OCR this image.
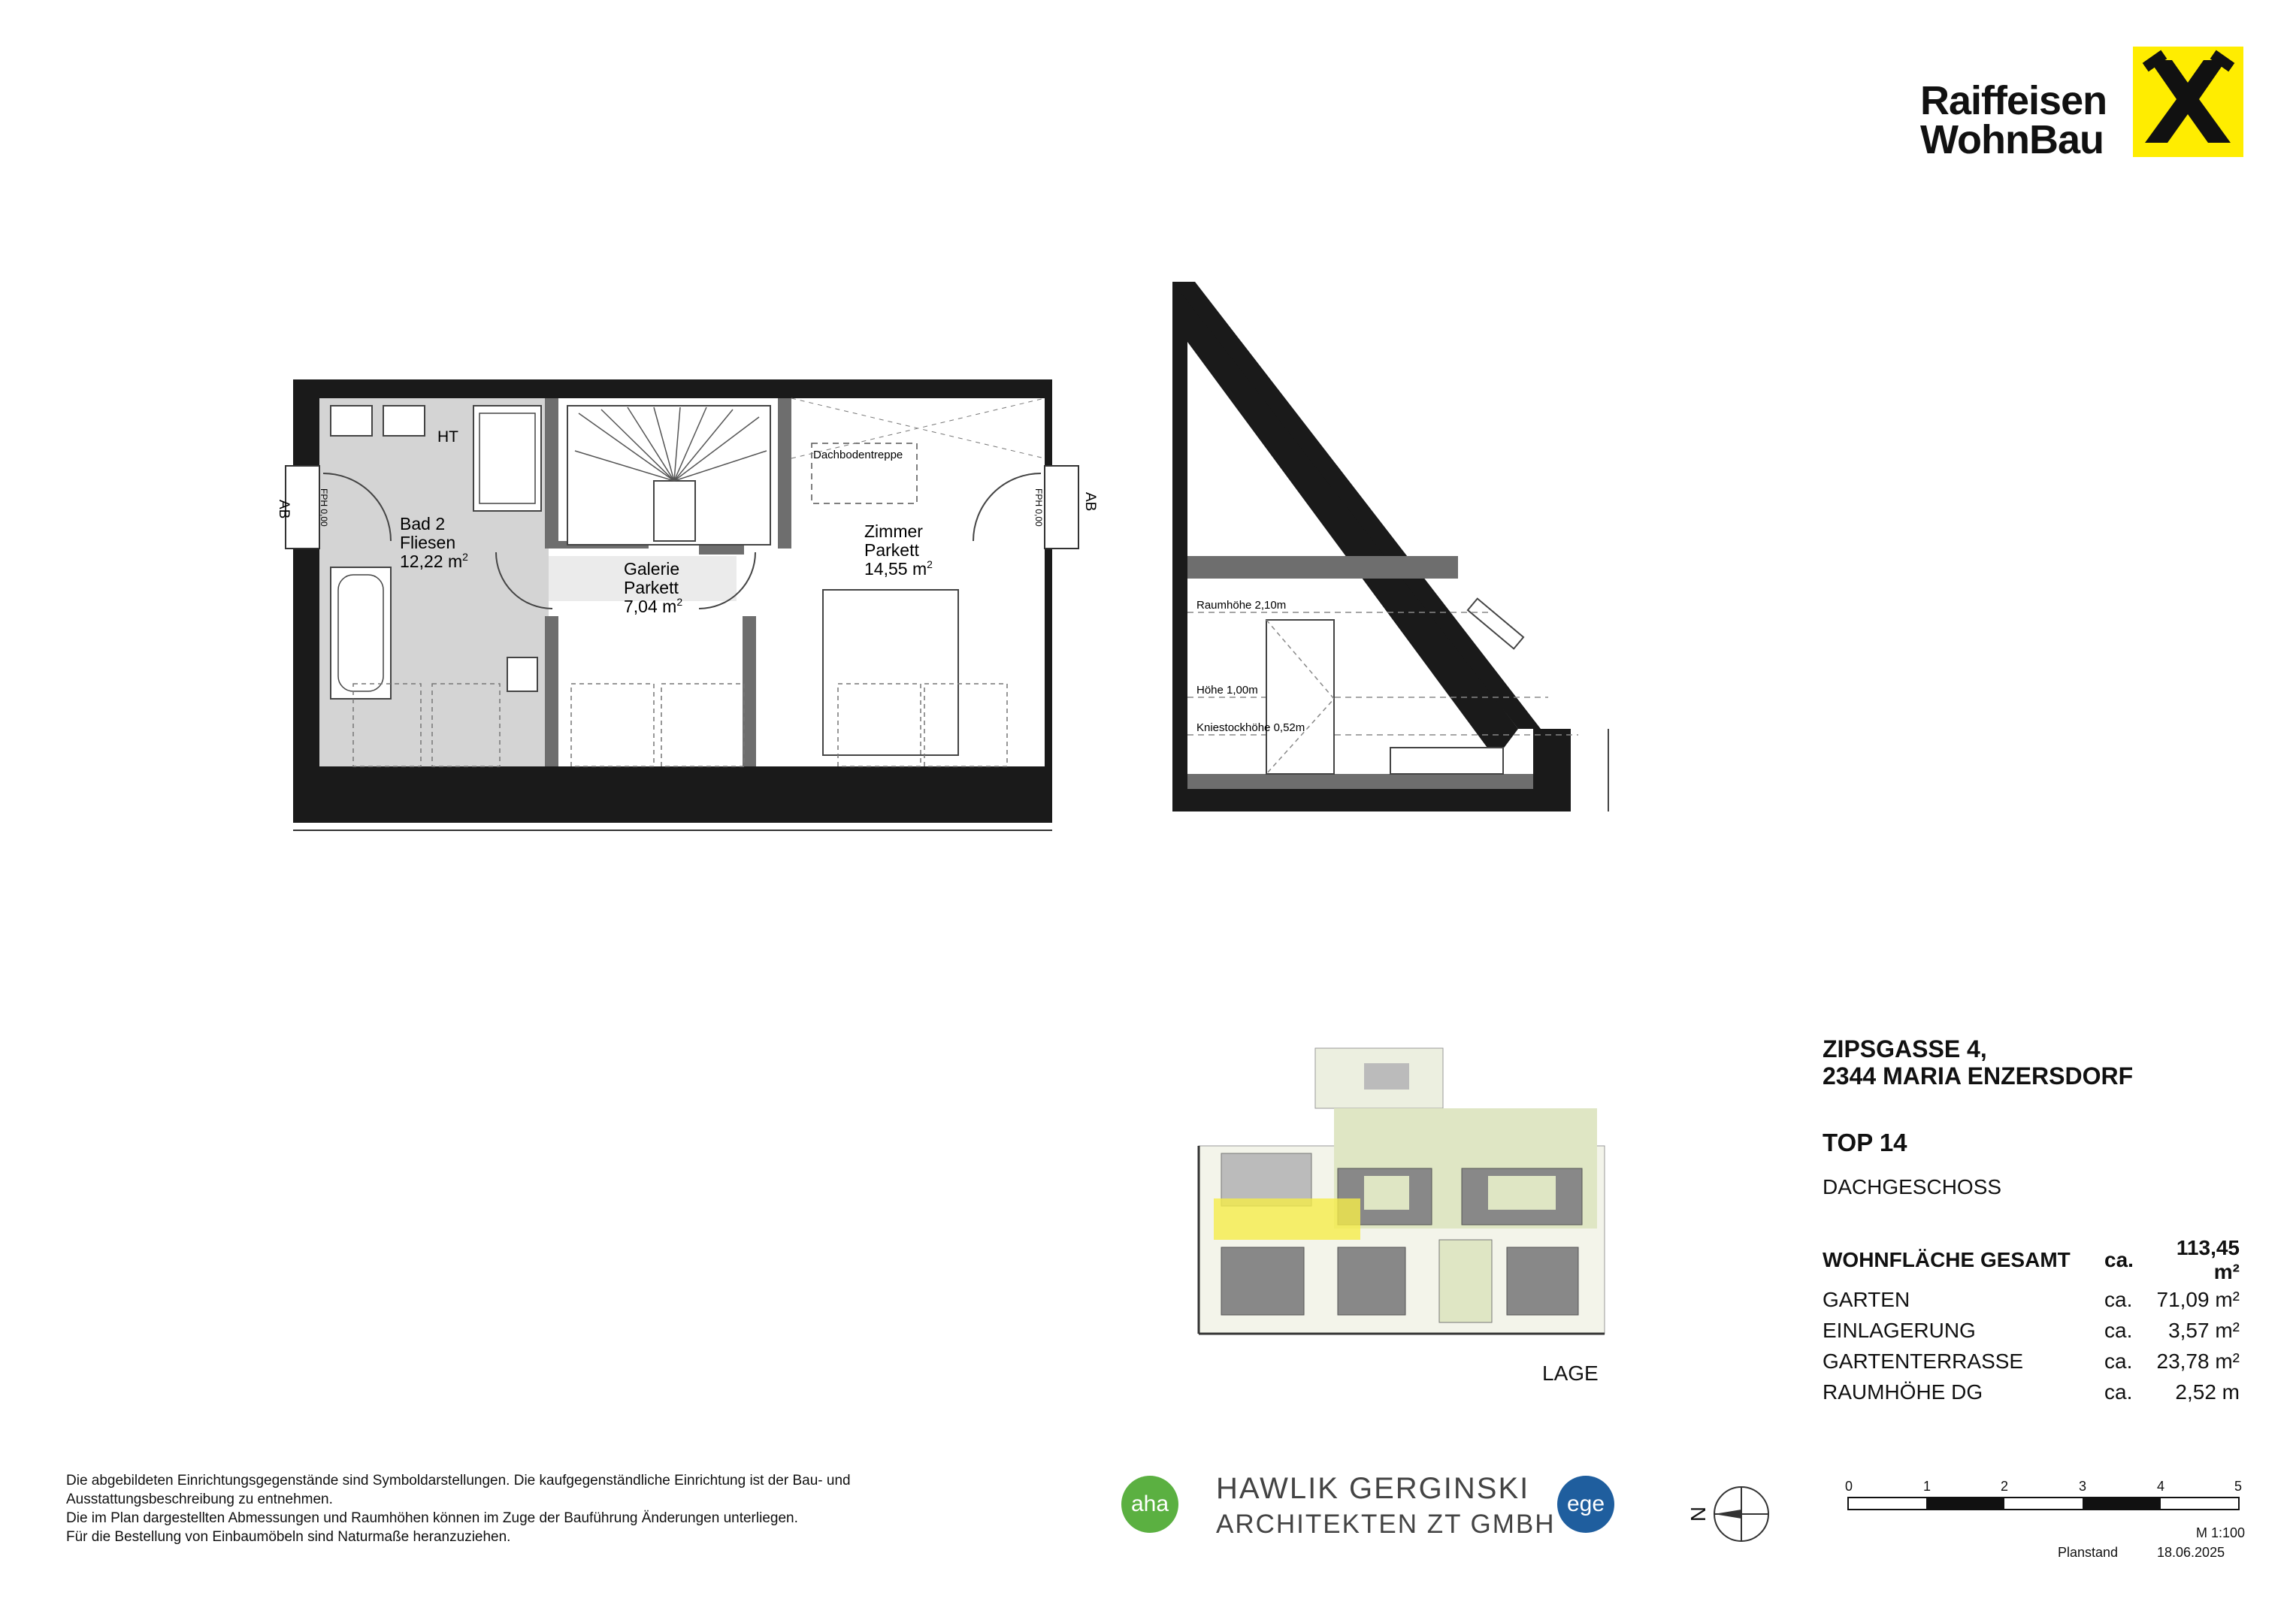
Raiffeisen
WohnBau
HT
Dachbodentreppe
AB	AB
FPH 0,00	FPH 0,00
Bad 2
Fliesen
12,22 $m^2$
Galerie
Parkett
7,04 $m^2$
Zimmer
Parkett
14,55 $m^2$
Raumhöhe 2,10m
Höhe 1,00m
Kniestockhöhe 0,52m
LAGE
ZIPSGASSE 4,
2344 MARIA ENZERSDORF
TOP 14
DACHGESCHOSS
WOHNFLÄCHE GESAMT	ca.	113,45 m²
GARTEN	ca.	71,09 m²
EINLAGERUNG	ca.	3,57 m²
GARTENTERRASSE	ca.	23,78 m²
RAUMHÖHE DG	ca.	2,52 m
Die abgebildeten Einrichtungsgegenstände sind Symboldarstellungen. Die kaufgegenständliche Einrichtung ist der Bau- und
Ausstattungsbeschreibung zu entnehmen.
Die im Plan dargestellten Abmessungen und Raumhöhen können im Zuge der Bauführung Änderungen unterliegen.
Für die Bestellung von Einbaumöbeln sind Naturmaße heranzuziehen.
aha	HAWLIK GERGINSKI
ARCHITEKTEN ZT GMBH
ege	N
0	1	2	3	4	5
M 1:100
Planstand	18.06.2025
